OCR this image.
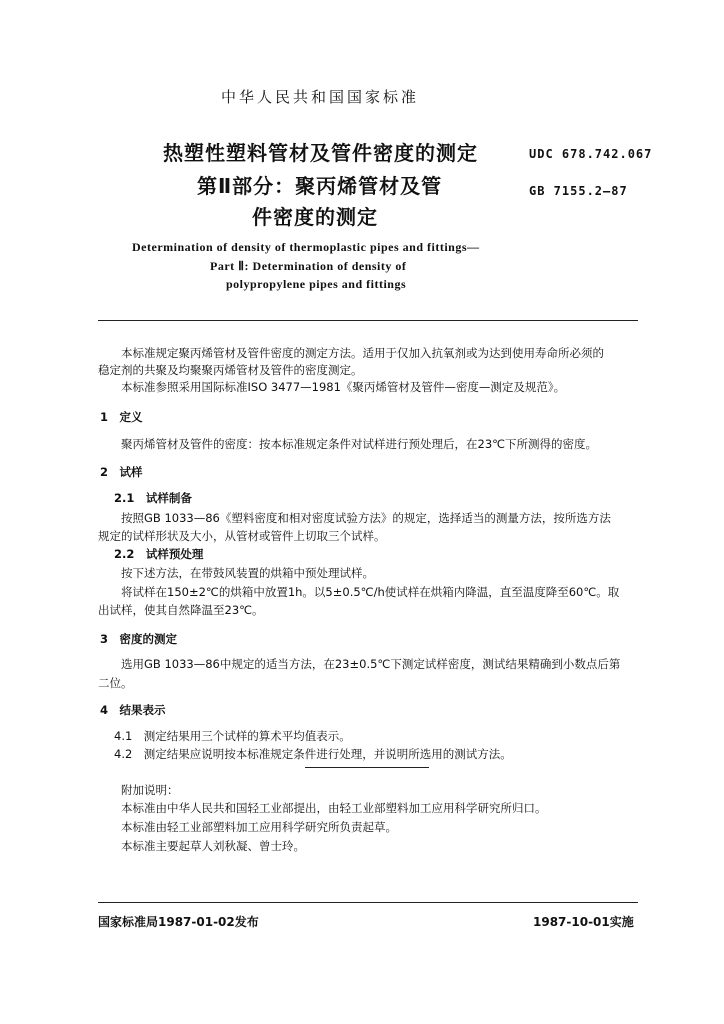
中华人民共和国国家标准
热塑性塑料管材及管件密度的测定
第Ⅱ部分：聚丙烯管材及管
件密度的测定
UDC 678.742.067
GB 7155.2—87
Determination of density of thermoplastic pipes and fittings—
Part Ⅱ: Determination of density of
polypropylene pipes and fittings
本标准规定聚丙烯管材及管件密度的测定方法。适用于仅加入抗氧剂或为达到使用寿命所必须的
稳定剂的共聚及均聚聚丙烯管材及管件的密度测定。
本标准参照采用国际标准ISO 3477—1981《聚丙烯管材及管件—密度—测定及规范》。
1　定义
聚丙烯管材及管件的密度：按本标准规定条件对试样进行预处理后，在23℃下所测得的密度。
2　试样
2.1　试样制备
按照GB 1033—86《塑料密度和相对密度试验方法》的规定，选择适当的测量方法，按所选方法
规定的试样形状及大小，从管材或管件上切取三个试样。
2.2　试样预处理
按下述方法，在带鼓风装置的烘箱中预处理试样。
将试样在150±2℃的烘箱中放置1h。以5±0.5℃/h使试样在烘箱内降温，直至温度降至60℃。取
出试样，使其自然降温至23℃。
3　密度的测定
选用GB 1033—86中规定的适当方法，在23±0.5℃下测定试样密度，测试结果精确到小数点后第
二位。
4　结果表示
4.1　测定结果用三个试样的算术平均值表示。
4.2　测定结果应说明按本标准规定条件进行处理，并说明所选用的测试方法。
附加说明：
本标准由中华人民共和国轻工业部提出，由轻工业部塑料加工应用科学研究所归口。
本标准由轻工业部塑料加工应用科学研究所负责起草。
本标准主要起草人刘秋凝、曾士玲。
国家标准局1987-01-02发布	1987-10-01实施
